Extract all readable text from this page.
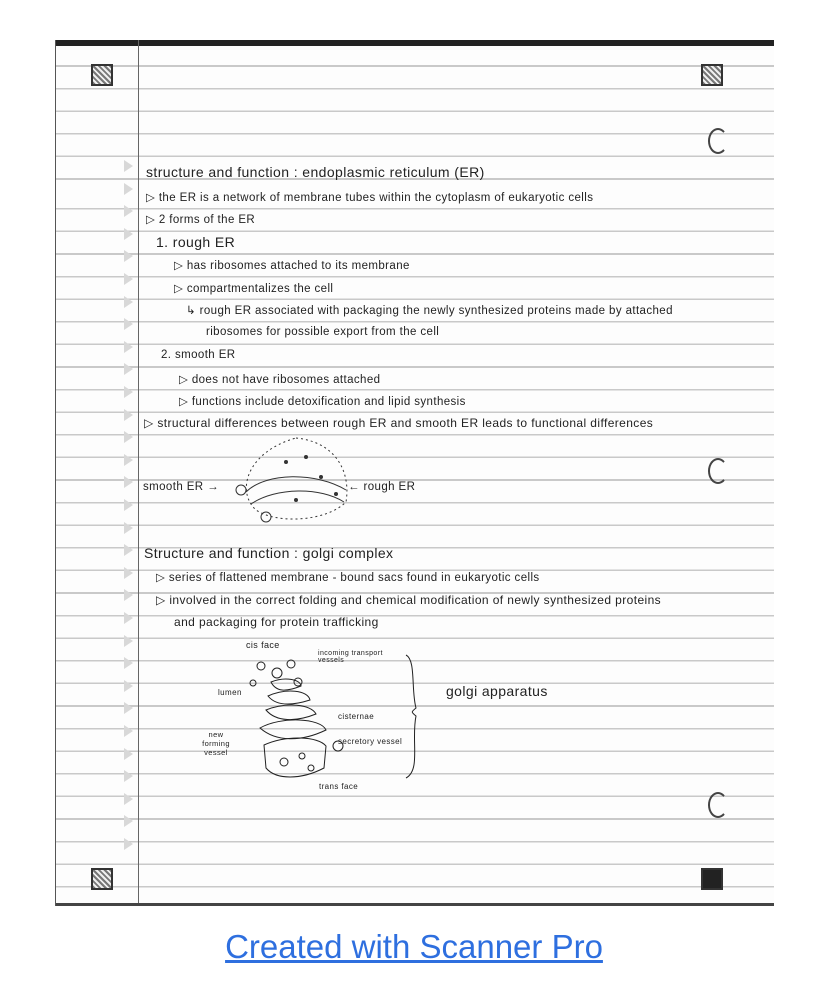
structure and function : endoplasmic reticulum (ER)
▷ the ER is a network of membrane tubes within the cytoplasm of eukaryotic cells
▷ 2 forms of the ER
1. rough ER
▷ has ribosomes attached to its membrane
▷ compartmentalizes the cell
↳ rough ER associated with packaging the newly synthesized proteins made by attached
ribosomes for possible export from the cell
2. smooth ER
▷ does not have ribosomes attached
▷ functions include detoxification and lipid synthesis
▷ structural differences between rough ER and smooth ER leads to functional differences
smooth ER →	← rough ER
Structure and function : golgi complex
▷ series of flattened membrane - bound sacs found in eukaryotic cells
▷ involved in the correct folding and chemical modification of newly synthesized proteins
and packaging for protein trafficking
cis face
incoming transport vessels
lumen
cisternae
new forming vessel
secretory vessel
trans face
golgi apparatus
Created with Scanner Pro
